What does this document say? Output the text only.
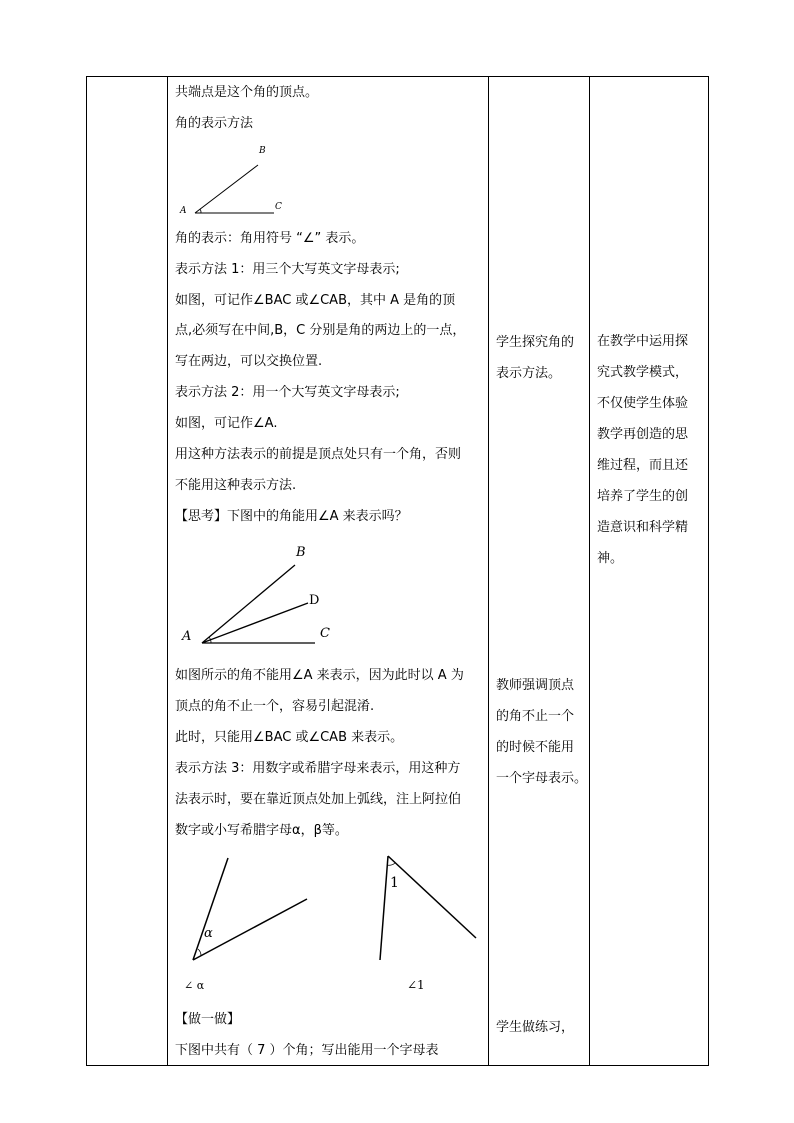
共端点是这个角的顶点。
角的表示方法
A
B
C
角的表示：角用符号 “∠” 表示。
表示方法 1：用三个大写英文字母表示;
如图，可记作∠BAC 或∠CAB，其中 A 是角的顶
点,必须写在中间,B，C 分别是角的两边上的一点，
写在两边，可以交换位置.
表示方法 2：用一个大写英文字母表示;
如图，可记作∠A.
用这种方法表示的前提是顶点处只有一个角，否则
不能用这种表示方法.
【思考】下图中的角能用∠A 来表示吗？
A
B
D
C
如图所示的角不能用∠A 来表示，因为此时以 A 为
顶点的角不止一个，容易引起混淆.
此时，只能用∠BAC 或∠CAB 来表示。
表示方法 3：用数字或希腊字母来表示，用这种方
法表示时，要在靠近顶点处加上弧线，注上阿拉伯
数字或小写希腊字母α，β等。
α
∠ α
1
∠1
【做一做】
下图中共有（ 7 ）个角；写出能用一个字母表
学生探究角的
表示方法。
教师强调顶点
的角不止一个
的时候不能用
一个字母表示。
学生做练习，
在教学中运用探
究式教学模式，
不仅使学生体验
教学再创造的思
维过程，而且还
培养了学生的创
造意识和科学精
神。
